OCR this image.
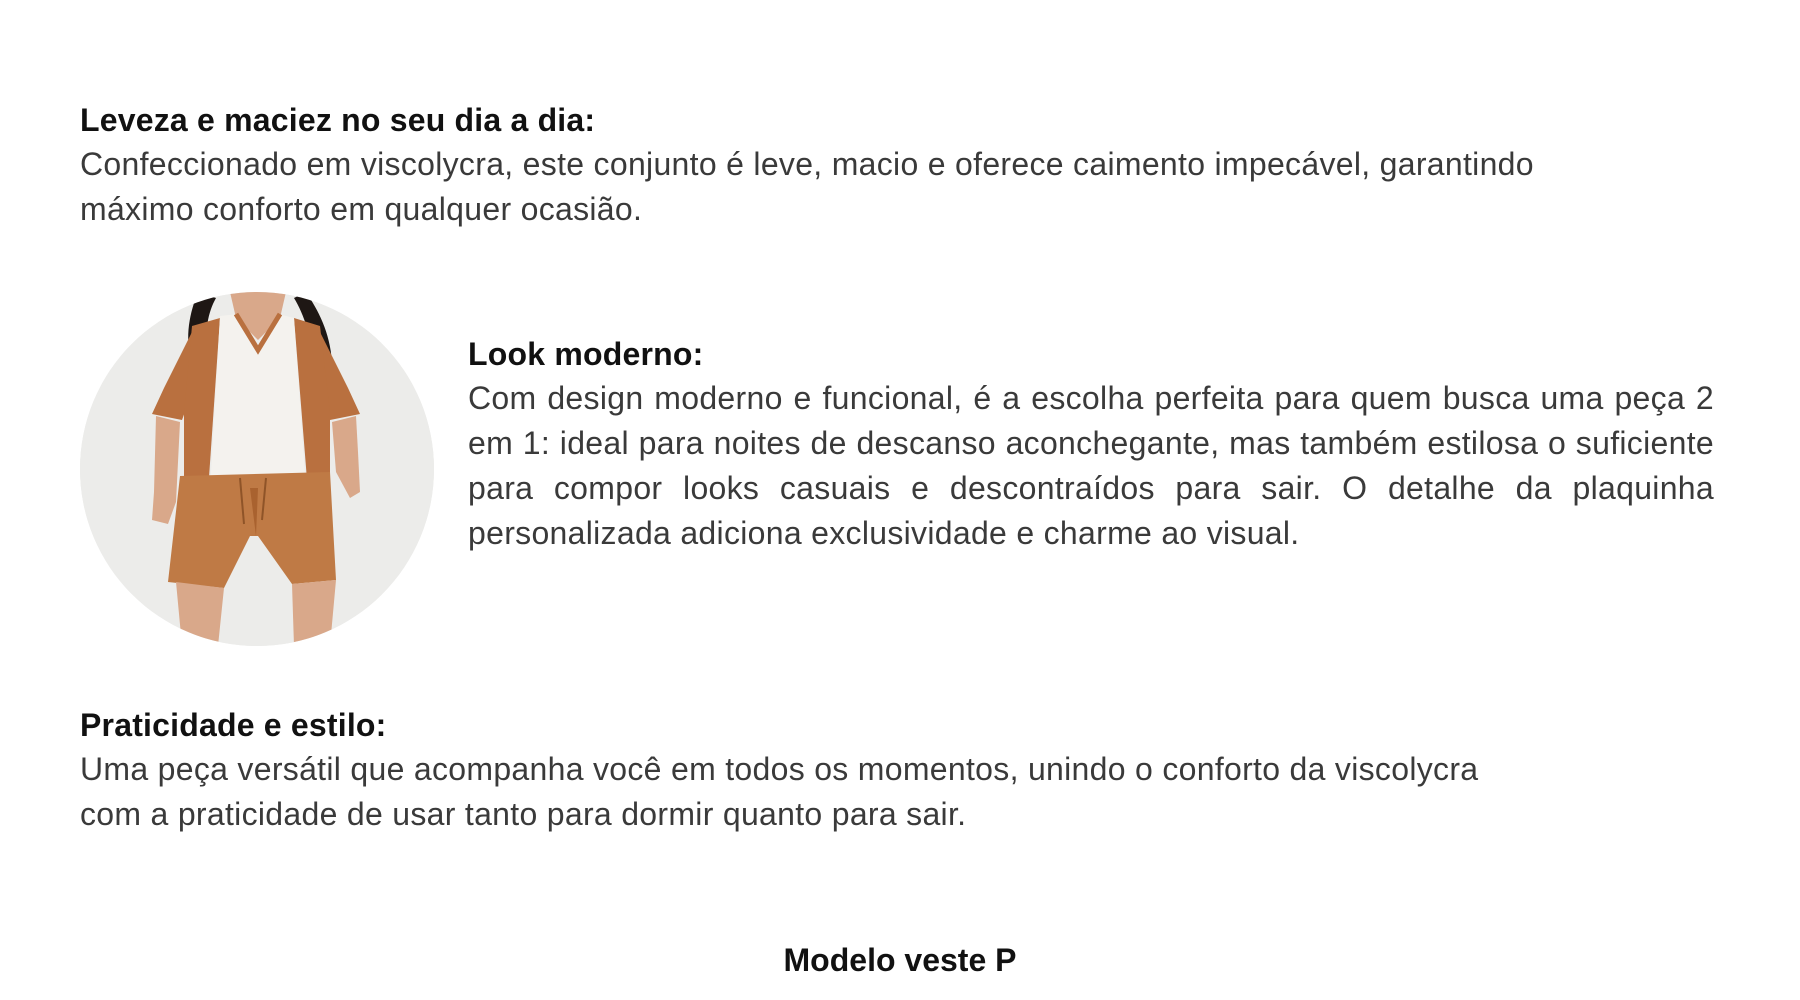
Leveza e maciez no seu dia a dia:

Confeccionado em viscolycra, este conjunto é leve, macio e oferece caimento impecável, garantindo máximo conforto em qualquer ocasião.

Look moderno:

Com design moderno e funcional, é a escolha perfeita para quem busca uma peça 2 em 1: ideal para noites de descanso aconchegante, mas também estilosa o suficiente para compor looks casuais e descontraídos para sair. O detalhe da plaquinha personalizada adiciona exclusividade e charme ao visual.

Praticidade e estilo:

Uma peça versátil que acompanha você em todos os momentos, unindo o conforto da viscolycra com a praticidade de usar tanto para dormir quanto para sair.

Modelo veste P
